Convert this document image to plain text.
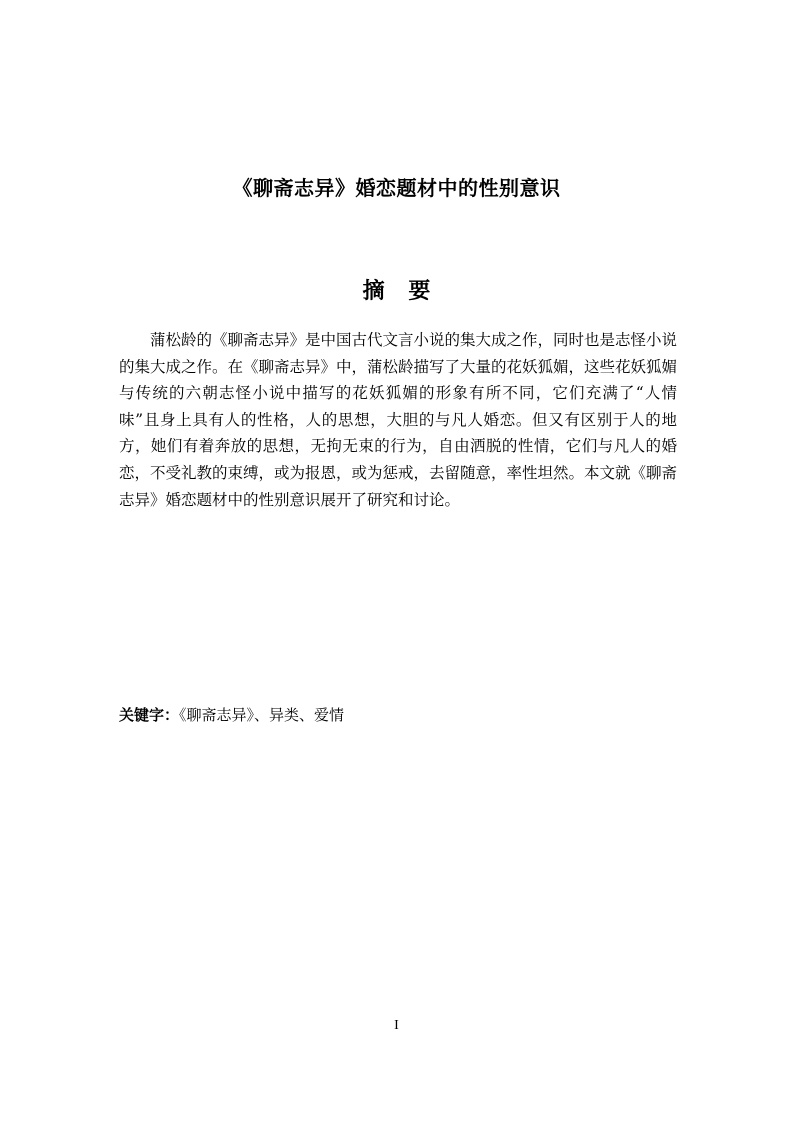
《聊斋志异》婚恋题材中的性别意识
摘 要

蒲松龄的《聊斋志异》是中国古代文言小说的集大成之作，同时也是志怪小说的集大成之作。在《聊斋志异》中，蒲松龄描写了大量的花妖狐媚，这些花妖狐媚与传统的六朝志怪小说中描写的花妖狐媚的形象有所不同，它们充满了“人情味”且身上具有人的性格，人的思想，大胆的与凡人婚恋。但又有区别于人的地方，她们有着奔放的思想，无拘无束的行为，自由洒脱的性情，它们与凡人的婚恋，不受礼教的束缚，或为报恩，或为惩戒，去留随意，率性坦然。本文就《聊斋志异》婚恋题材中的性别意识展开了研究和讨论。

关键字：《聊斋志异》、异类、爱情
I
